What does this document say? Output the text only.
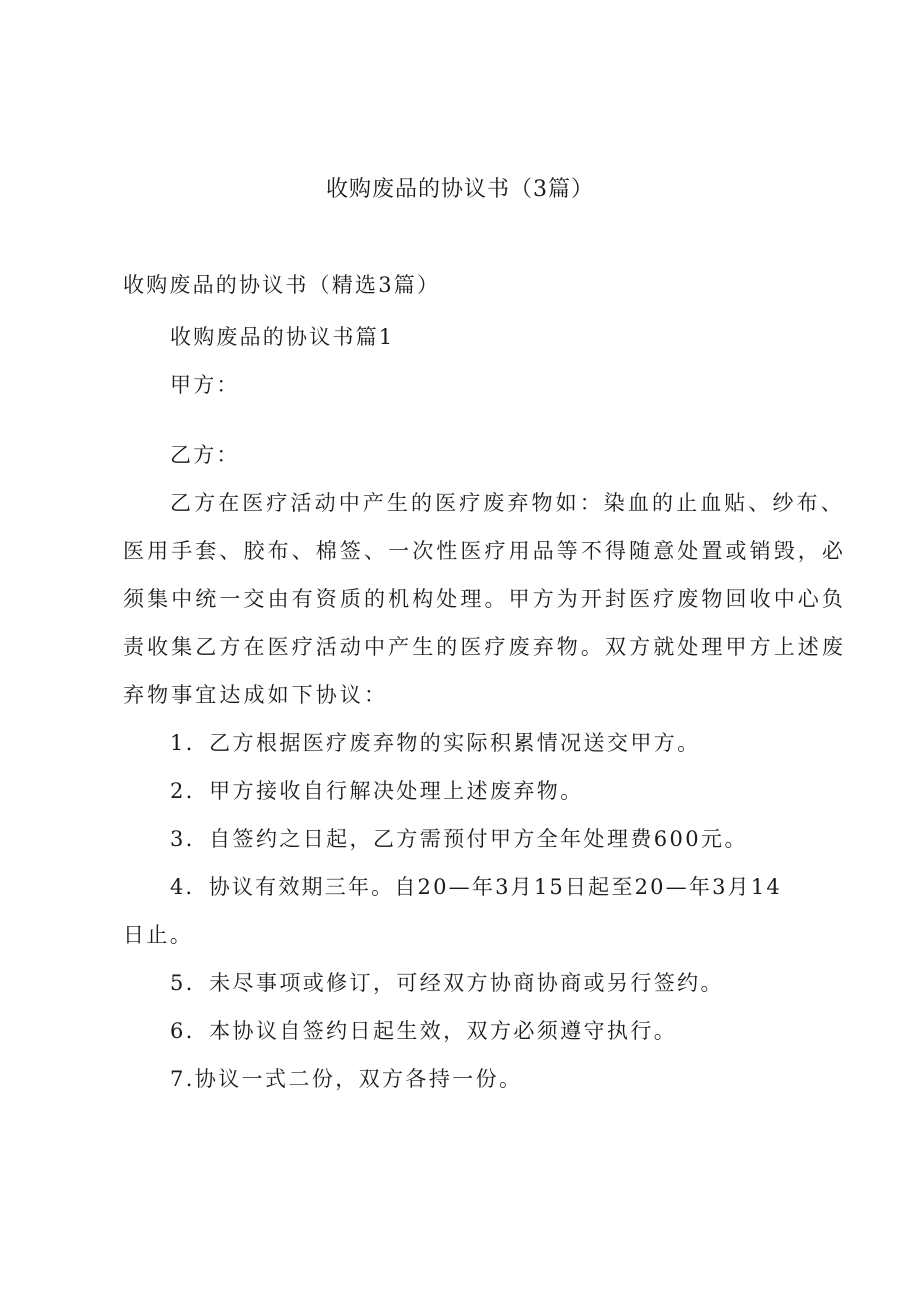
收购废品的协议书（3篇）
收购废品的协议书（精选3篇）
收购废品的协议书篇1
甲方：
乙方：
乙方在医疗活动中产生的医疗废弃物如：染血的止血贴、纱布、
医用手套、胶布、棉签、一次性医疗用品等不得随意处置或销毁，必
须集中统一交由有资质的机构处理。甲方为开封医疗废物回收中心负
责收集乙方在医疗活动中产生的医疗废弃物。双方就处理甲方上述废
弃物事宜达成如下协议：
1．乙方根据医疗废弃物的实际积累情况送交甲方。
2．甲方接收自行解决处理上述废弃物。
3．自签约之日起，乙方需预付甲方全年处理费600元。
4．协议有效期三年。自20—年3月15日起至20—年3月14
日止。
5．未尽事项或修订，可经双方协商协商或另行签约。
6．本协议自签约日起生效，双方必须遵守执行。
7.协议一式二份，双方各持一份。
